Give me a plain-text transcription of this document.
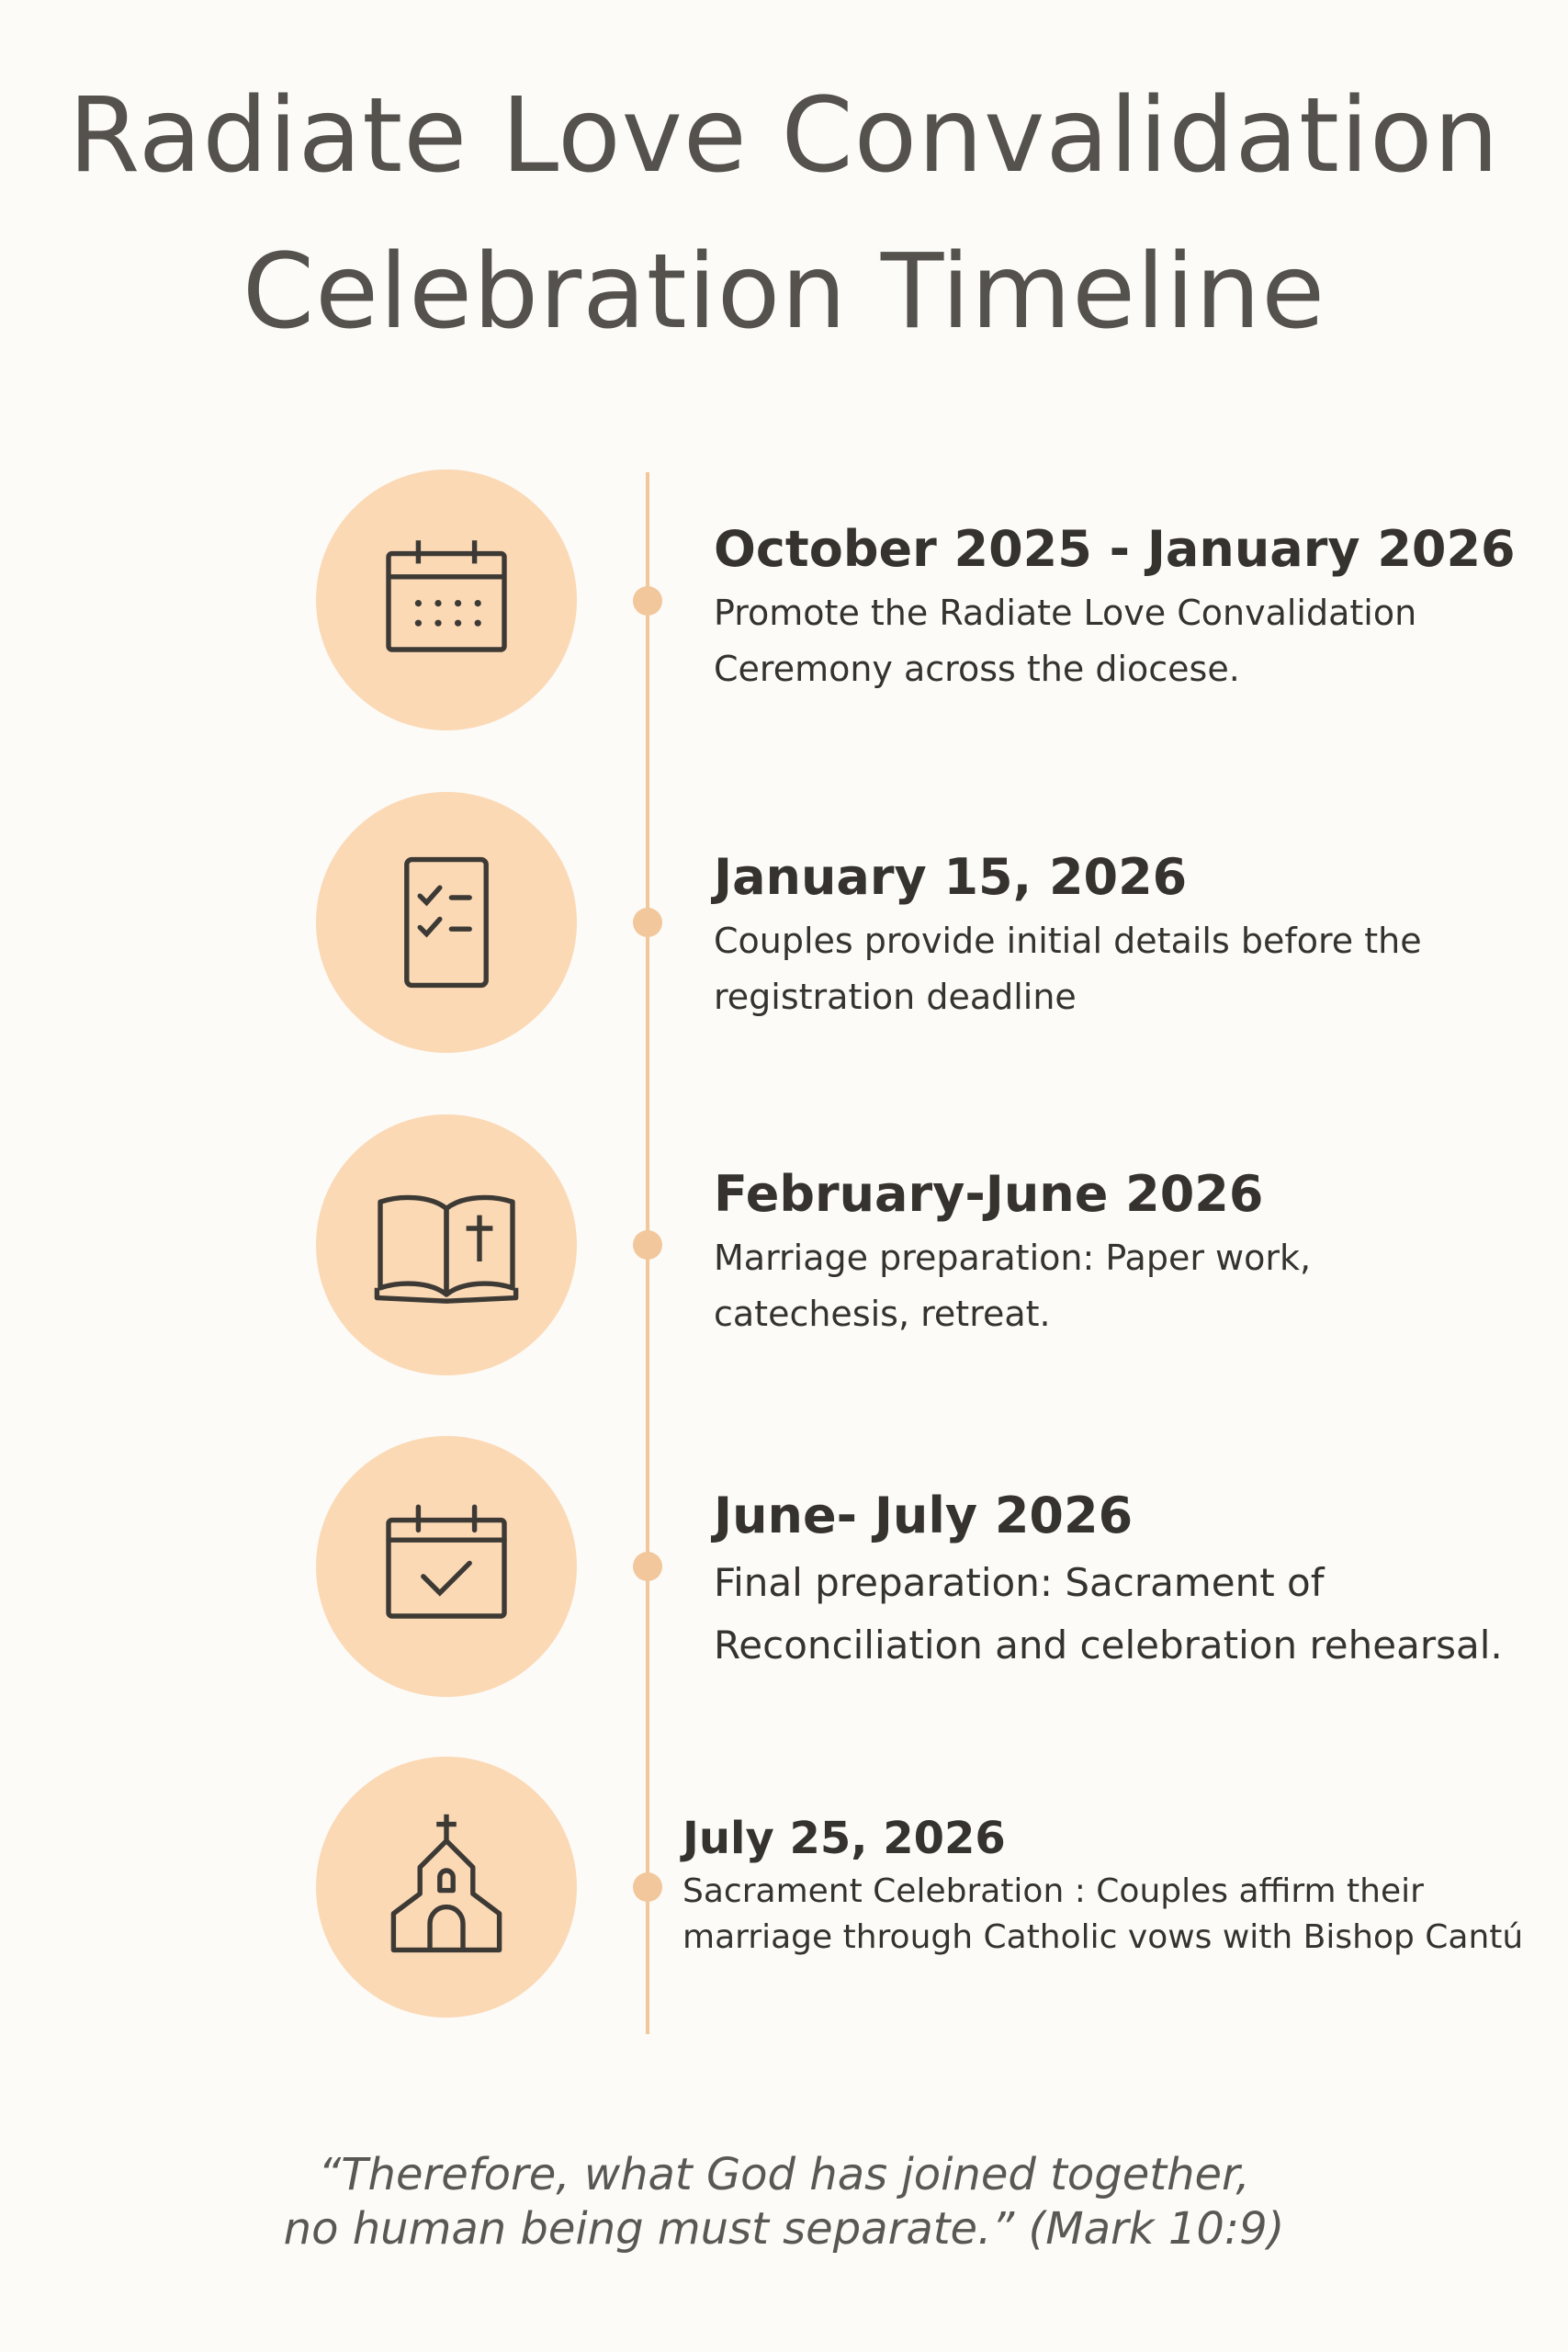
Radiate Love Convalidation
Celebration Timeline
October 2025 - January 2026

Promote the Radiate Love Convalidation Ceremony across the diocese.

January 15, 2026

Couples provide initial details before the registration deadline

February-June 2026

Marriage preparation: Paper work, catechesis, retreat.

June- July 2026

Final preparation: Sacrament of Reconciliation and celebration rehearsal.

July 25, 2026

Sacrament Celebration : Couples affirm their marriage through Catholic vows with Bishop Cantú

“Therefore, what God has joined together,
no human being must separate.” (Mark 10:9)
